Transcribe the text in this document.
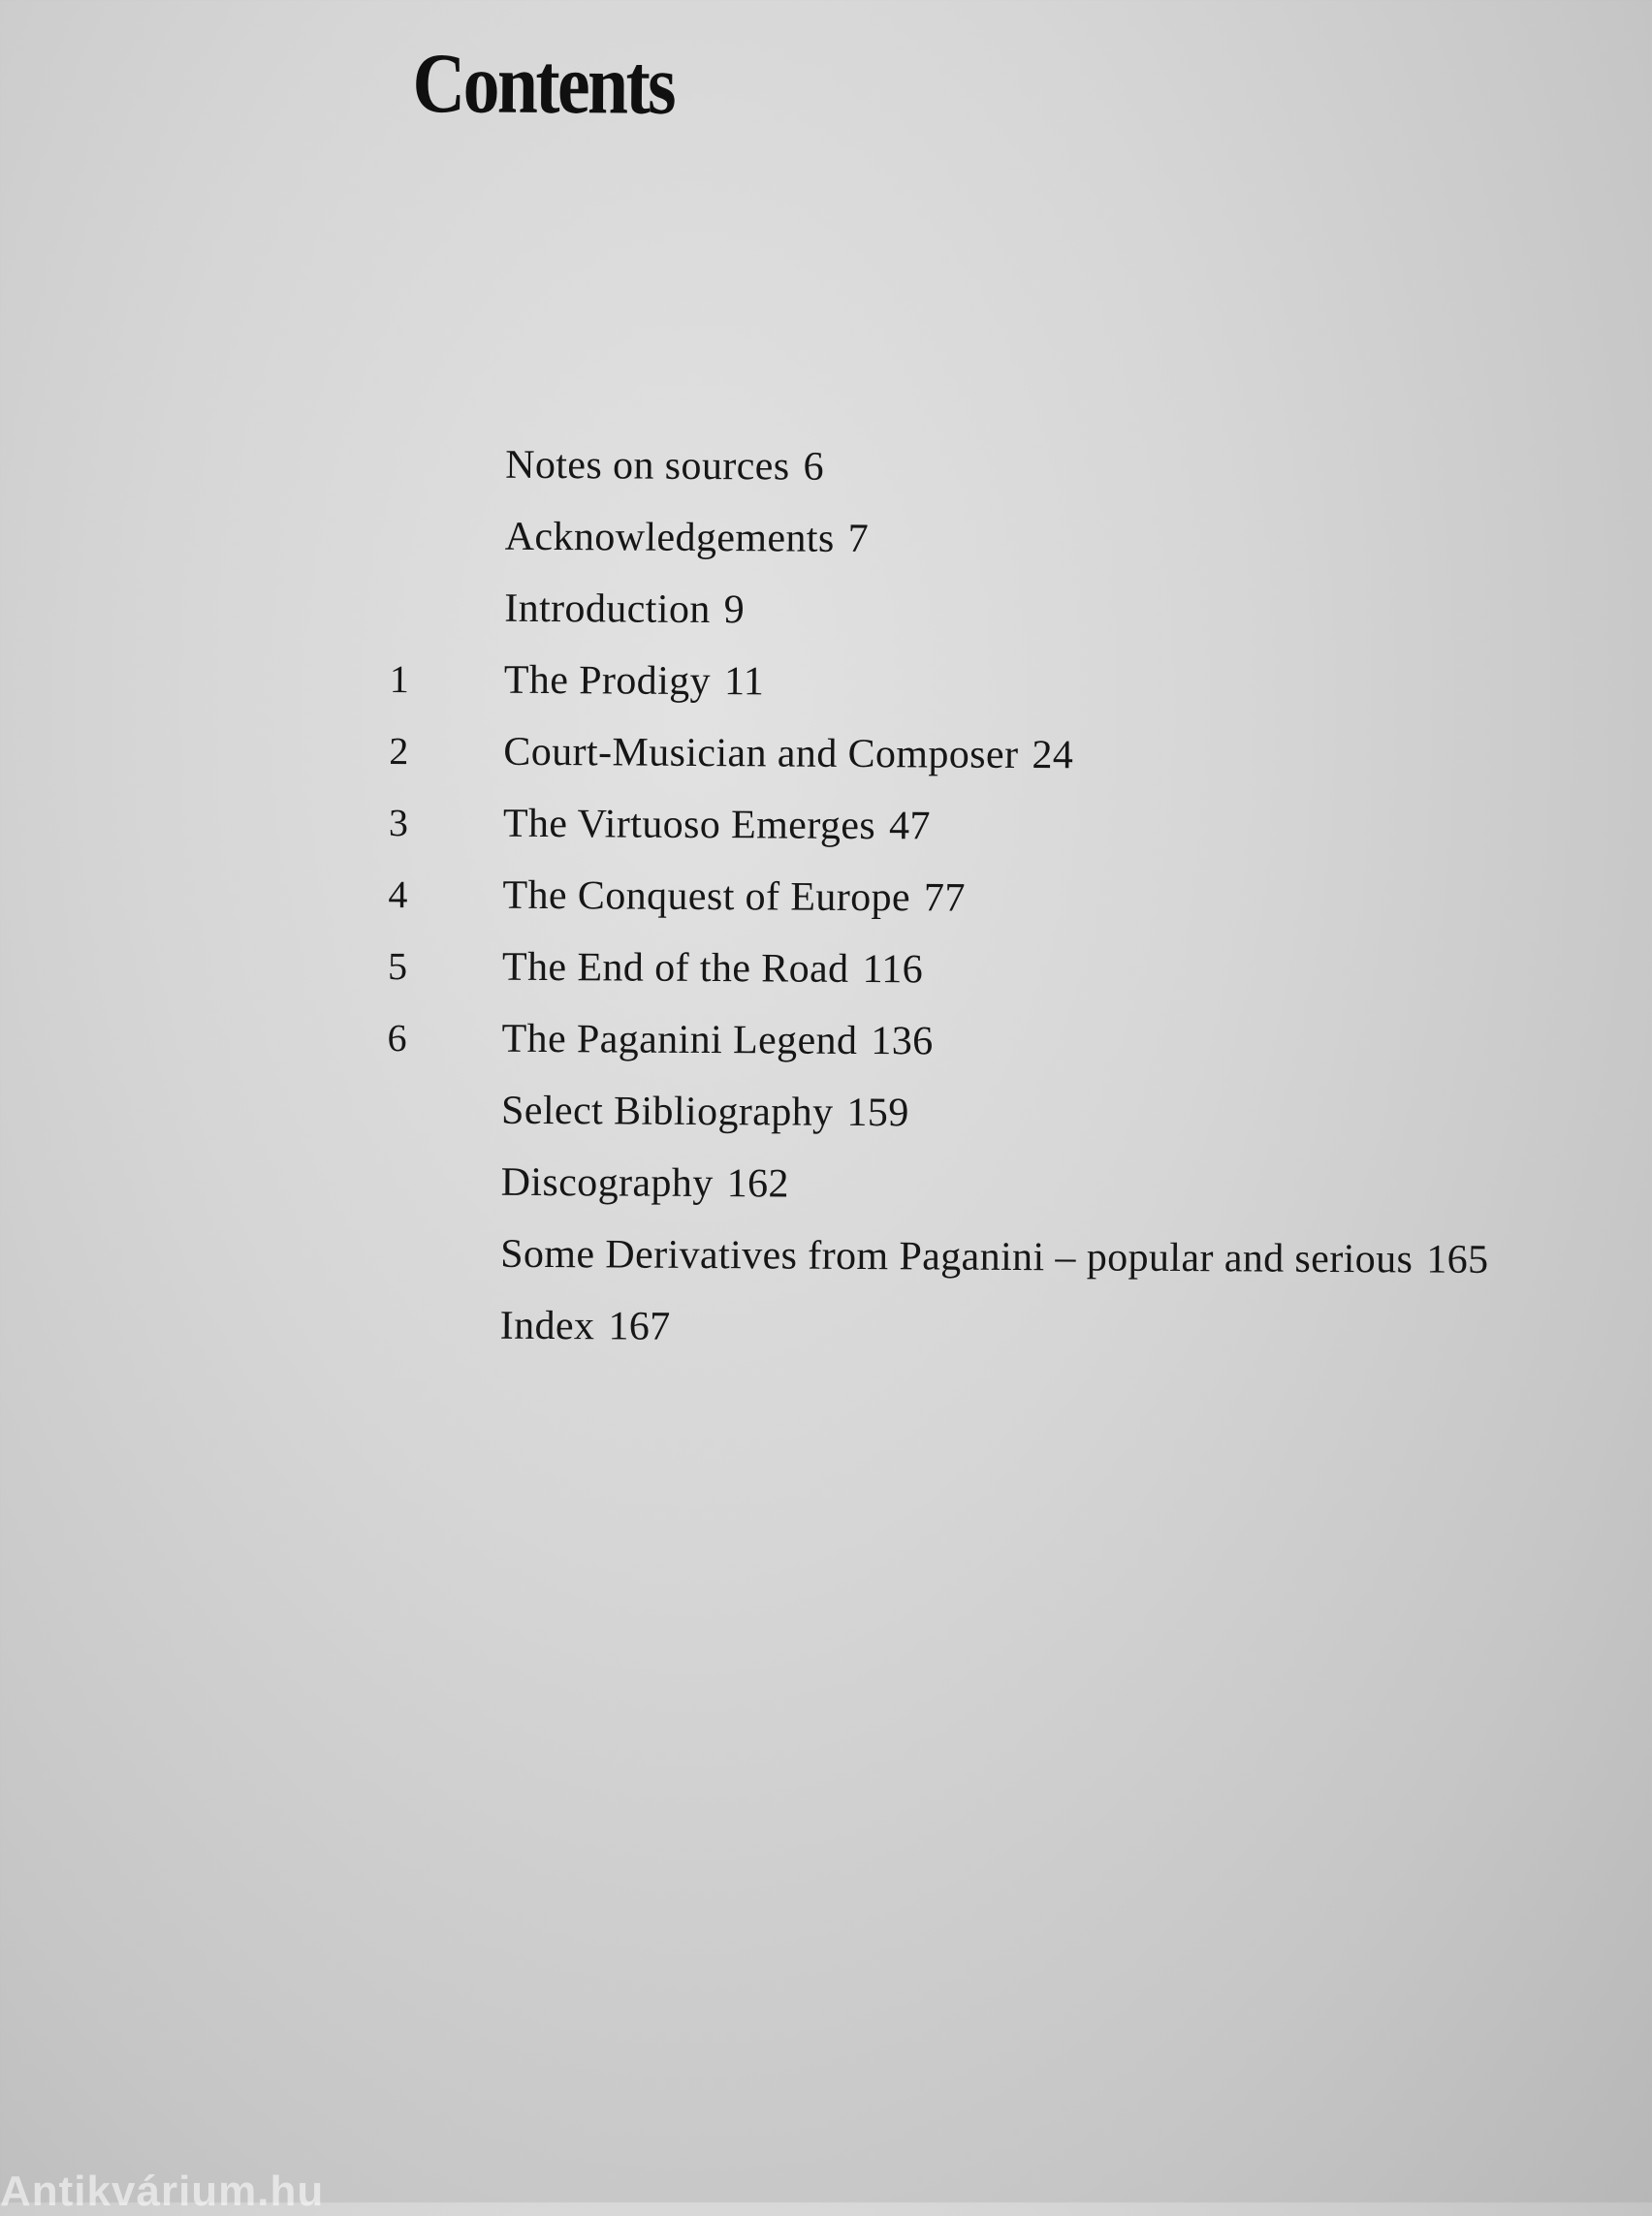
Contents
Notes on sources 6
Acknowledgements 7
Introduction 9
1	The Prodigy 11
2	Court-Musician and Composer 24
3	The Virtuoso Emerges 47
4	The Conquest of Europe 77
5	The End of the Road 116
6	The Paganini Legend 136
Select Bibliography 159
Discography 162
Some Derivatives from Paganini – popular and serious 165
Index 167
Antikvárium.hu
